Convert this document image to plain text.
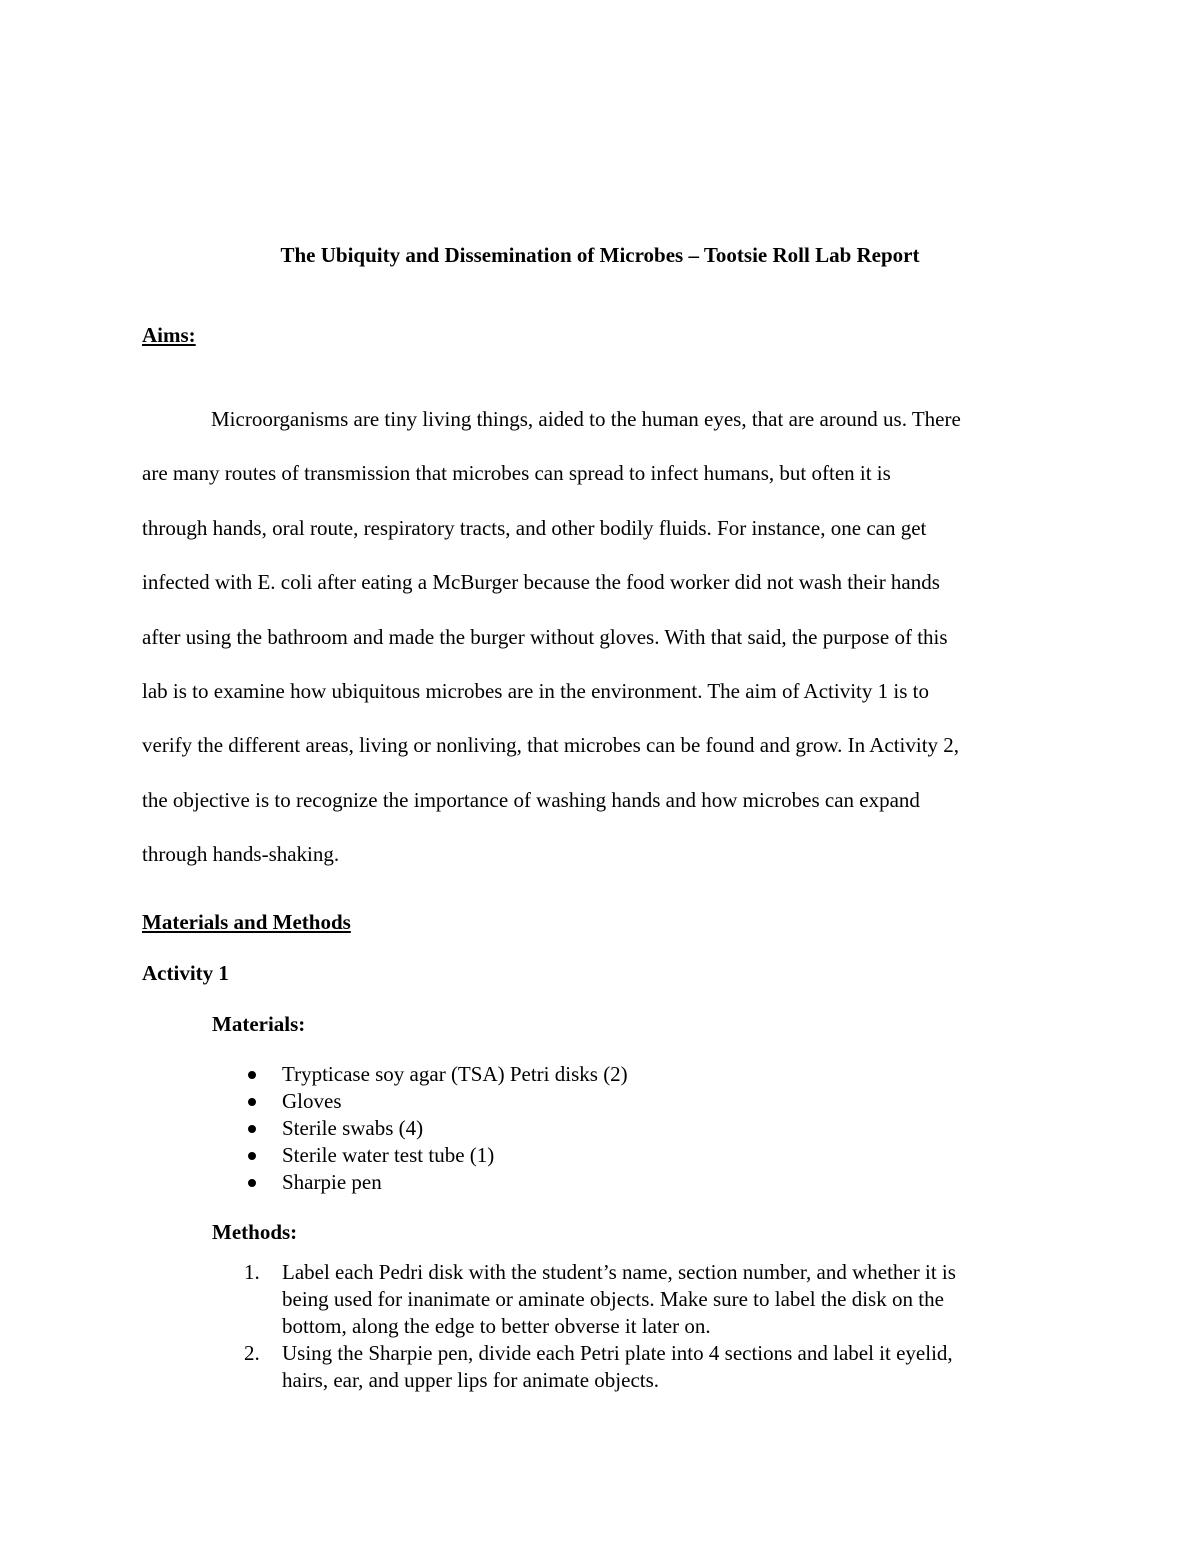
The Ubiquity and Dissemination of Microbes – Tootsie Roll Lab Report
Aims:

Microorganisms are tiny living things, aided to the human eyes, that are around us. There
are many routes of transmission that microbes can spread to infect humans, but often it is
through hands, oral route, respiratory tracts, and other bodily fluids. For instance, one can get
infected with E. coli after eating a McBurger because the food worker did not wash their hands
after using the bathroom and made the burger without gloves. With that said, the purpose of this
lab is to examine how ubiquitous microbes are in the environment. The aim of Activity 1 is to
verify the different areas, living or nonliving, that microbes can be found and grow. In Activity 2,
the objective is to recognize the importance of washing hands and how microbes can expand
through hands-shaking.

Materials and Methods
Activity 1
Materials:
Trypticase soy agar (TSA) Petri disks (2)
Gloves
Sterile swabs (4)
Sterile water test tube (1)
Sharpie pen
Methods:
1. Label each Pedri disk with the student’s name, section number, and whether it is
being used for inanimate or aminate objects. Make sure to label the disk on the
bottom, along the edge to better obverse it later on.
2. Using the Sharpie pen, divide each Petri plate into 4 sections and label it eyelid,
hairs, ear, and upper lips for animate objects.
